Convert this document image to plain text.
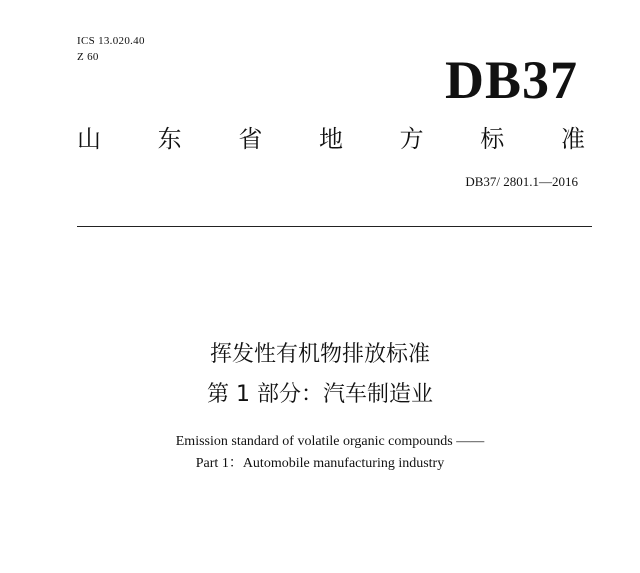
ICS 13.020.40
Z 60	DB37
山 东 省 地 方 标 准
DB37/ 2801.1—2016
挥发性有机物排放标准
第 1 部分：汽车制造业
Emission standard of volatile organic compounds ——
Part 1：Automobile manufacturing industry
